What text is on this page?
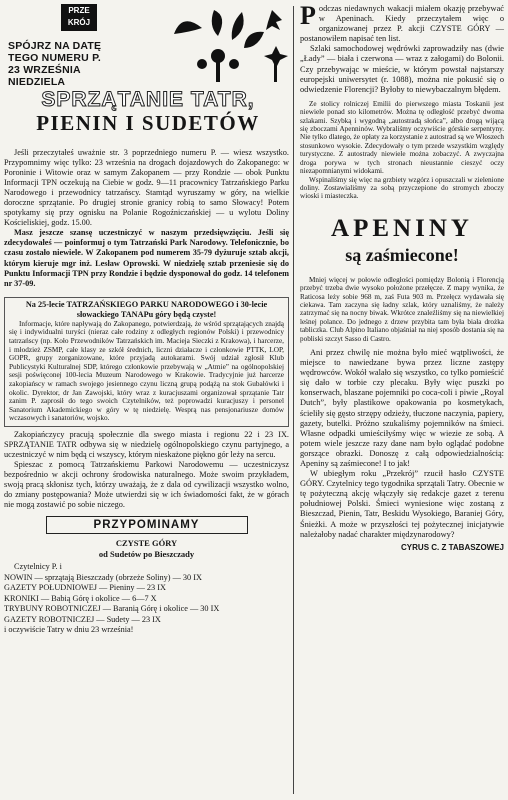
PRZE KRÓJ
SPÓJRZ NA DATĘ TEGO NUMERU P. 23 WRZEŚNIA NIEDZIELA
SPRZĄTANIE TATR,
PIENIN I SUDETÓW

Jeśli przeczytałeś uważnie str. 3 poprzedniego numeru P. — wiesz wszystko. Przypomnimy więc tylko: 23 września na drogach dojazdowych do Zakopanego: w Poroninie i Witowie oraz w samym Zakopanem — przy Rondzie — obok Punktu Informacji TPN oczekują na Ciebie w godz. 9—11 pracownicy Tatrzańskiego Parku Narodowego i przewodnicy tatrzańscy. Stamtąd wyruszamy w góry, na wielkie doroczne sprzątanie. Po drugiej stronie granicy robią to samo Słowacy! Potem spotykamy się przy ognisku na Polanie Rogoźniczańskiej — u wylotu Doliny Kościeliskiej, godz. 15.00.

Masz jeszcze szansę uczestniczyć w naszym przedsięwzięciu. Jeśli się zdecydowałeś — poinformuj o tym Tatrzański Park Narodowy. Telefonicznie, bo czasu zostało niewiele. W Zakopanem pod numerem 35-79 dyżuruje sztab akcji, którym kieruje mgr inż. Lesław Oprowski. W niedzielę sztab przeniesie się do Punktu Informacji TPN przy Rondzie i będzie dysponował do godz. 14 telefonem nr 37-09.

Na 25-lecie TATRZAŃSKIEGO PARKU NARODOWEGO i 30-lecie słowackiego TANAPu góry będą czyste!

Informacje, które napływają do Zakopanego, potwierdzają, że wśród sprzątających znajdą się i indywidualni turyści (nieraz całe rodziny z odległych regionów Polski) i przewodnicy tatrzańscy (np. Koło Przewodników Tatrzańskich im. Macieja Sieczki z Krakowa), i harcerze, i młodzież ZSMP, całe klasy ze szkół średnich, liczni działacze i członkowie PTTK, LOP, GOPR, grupy zorganizowane, które przyjadą autokarami. Swój udział zgłosił Klub Publicystyki Kulturalnej SDP, którego członkowie przebywają w „Atmie” na ogólnopolskiej sesji poświęconej 100-lecia Muzeum Narodowego w Krakowie. Tradycyjnie już harcerze zakopiańscy w ramach swojego jesiennego czynu liczną grupą podążą na stok Gubałówki i okolic. Dyrektor, dr Jan Zawojski, który wraz z kuracjuszami organizował sprzątanie Tatr zanim P. zaprosił do tego swoich Czytelników, też poprowadzi kuracjuszy i personel Sanatorium Akademickiego w góry w tę niedzielę. Wesprą nas pensjonariusze domów wczasowych i sanatoriów, wojsko.

Zakopiańczycy pracują społecznie dla swego miasta i regionu 22 i 23 IX. SPRZĄTANIE TATR odbywa się w niedzielę ogólnopolskiego czynu partyjnego, a uczestniczyć w nim będą ci wszyscy, którym nieskażone piękno gór leży na sercu.

Spieszac z pomocą Tatrzańskiemu Parkowi Narodowemu — uczestniczysz bezpośrednio w akcji ochrony środowiska naturalnego. Może swoim przykładem, swoją pracą skłonisz tych, którzy uważają, że z dala od cywilizacji wszystko wolno, do zmiany postępowania? Może utwierdzi się w ich świadomości fakt, że w górach nie mogą zostawić po sobie niczego.

PRZYPOMINAMY
CZYSTE GÓRY
od Sudetów po Bieszczady
Czytelnicy P. i
NOWIN — sprzątają Bieszczady (obrzeże Soliny) — 30 IX
GAZETY POŁUDNIOWEJ — Pieniny — 23 IX
KRONIKI — Babią Górę i okolice — 6—7 X
TRYBUNY ROBOTNICZEJ — Baranią Górę i okolice — 30 IX
GAZETY ROBOTNICZEJ — Sudety — 23 IX
i oczywiście Tatry w dniu 23 września!

Podczas niedawnych wakacji miałem okazję przebywać w Apeninach. Kiedy przeczytałem więc o organizowanej przez P. akcji CZYSTE GÓRY — postanowiłem napisać ten list.

Szlaki samochodowej wędrówki zaprowadziły nas (dwie „Łady” — biała i czerwona — wraz z załogami) do Bolonii. Czy przebywając w mieście, w którym powstał najstarszy europejski uniwersytet (r. 1088), można nie pokusić się o odwiedzenie Florencji? Byłoby to niewybaczalnym błędem.

Ze stolicy rolniczej Emilii do pierwszego miasta Toskanii jest niewiele ponad sto kilometrów. Można tę odległość przebyć dwoma szlakami. Szybką i wygodną „autostradą słońca”, albo drogą wijącą się zboczami Apenninów. Wybraliśmy oczywiście górskie serpentyny. Nie tylko dlatego, że opłaty za korzystanie z autostrad są we Włoszech stosunkowo wysokie. Zdecydowały o tym przede wszystkim względy turystyczne. Z autostrady niewiele można zobaczyć. A zwyczajna droga porywa w tych stronach nieustannie cieszyć oczy niezapomnianymi widokami.

Wspinaliśmy się więc na grzbiety wzgórz i opuszczali w zielenione doliny. Zostawialiśmy za sobą przyczepione do stromych zboczy wioski i miasteczka.

APENINY
są zaśmiecone!

Mniej więcej w połowie odległości pomiędzy Bolonią i Florencją przebyć trzeba dwie wysoko położone przełęcze. Z mapy wynika, że Raticosa leży sobie 968 m, zaś Futa 903 m. Przełęcz wydawała się ciekawa. Tam zaczyna się ładny szlak, który uznaliśmy, że należy zatrzymać się na nocny biwak. Wkrótce znaleźliśmy się na niewielkiej leśnej polance. Do jednego z drzew przybita tam była biała drożka tabliczka. Club Alpino Italiano objaśniał na niej sposób dostania się na pobliski szczyt Sasso di Castro.

Ani przez chwilę nie można było mieć wątpliwości, że miejsce to nawiedzane bywa przez liczne zastępy wędrowców. Wokół walało się wszystko, co tylko pomieścić się dało w torbie czy plecaku. Były więc puszki po konserwach, blaszane pojemniki po coca-coli i piwie „Royal Dutch”, były plastikowe opakowania po kosmetykach, ścieliły się gęsto strzępy odzieży, tłuczone naczynia, papiery, gazety, butelki. Próżno szukaliśmy pojemników na śmieci. Własne odpadki umieściłyśmy więc w wiezie ze sobą. A potem wiele jeszcze razy dane nam było oglądać podobne gorszące obrazki. Donoszę z całą odpowiedzialnością: Apeniny są zaśmiecone! I to jak!

W ubiegłym roku „Przekrój” rzucił hasło CZYSTE GÓRY. Czytelnicy tego tygodnika sprzątali Tatry. Obecnie w tę pożyteczną akcję włączyły się redakcje gazet z terenu południowej Polski. Śmieci wyniesione więc zostaną z Bieszczad, Pienin, Tatr, Beskidu Wysokiego, Baraniej Góry, Śnieżki. A może w przyszłości tej pożytecznej inicjatywie należałoby nadać charakter międzynarodowy?

CYRUS C. Z TABASZOWEJ
